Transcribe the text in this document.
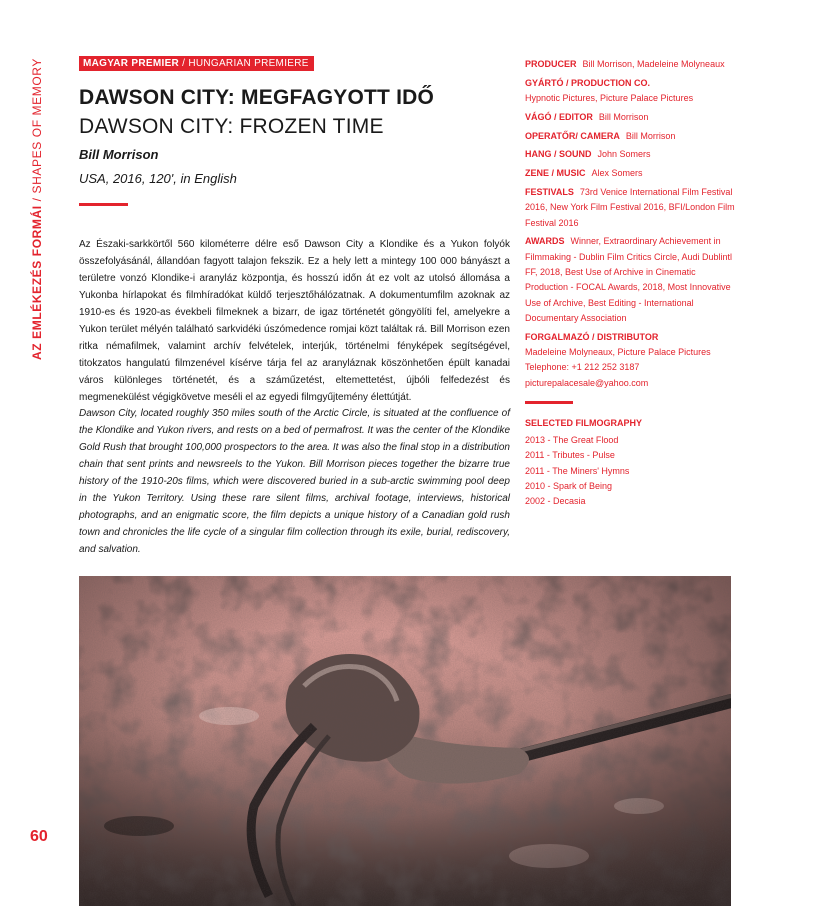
AZ EMLÉKEZÉS FORMÁI / SHAPES OF MEMORY
60
MAGYAR PREMIER / HUNGARIAN PREMIERE
DAWSON CITY: MEGFAGYOTT IDŐ
DAWSON CITY: FROZEN TIME
Bill Morrison
USA, 2016, 120', in English
Az Északi-sarkkörtől 560 kilométerre délre eső Dawson City a Klondike és a Yukon folyók összefolyásánál, állandóan fagyott talajon fekszik. Ez a hely lett a mintegy 100 000 bányászt a területre vonzó Klondike-i aranyláz központja, és hosszú időn át ez volt az utolsó állomása a Yukonba hírlapokat és filmhíradókat küldő terjesztőhálózatnak. A dokumentumfilm azoknak az 1910-es és 1920-as évekbeli filmeknek a bizarr, de igaz történetét göngyölíti fel, amelyekre a Yukon terület mélyén található sarkvidéki úszómedence romjai közt találtak rá. Bill Morrison ezen ritka némafilmek, valamint archív felvételek, interjúk, történelmi fényképek segítségével, titokzatos hangulatú filmzenével kísérve tárja fel az aranyláznak köszönhetően épült kanadai város különleges történetét, és a száműzetést, eltemettetést, újbóli felfedezést és megmenekülést végigkövetve meséli el az egyedi filmgyűjtemény élettútját.
Dawson City, located roughly 350 miles south of the Arctic Circle, is situated at the confluence of the Klondike and Yukon rivers, and rests on a bed of permafrost. It was the center of the Klondike Gold Rush that brought 100,000 prospectors to the area. It was also the final stop in a distribution chain that sent prints and newsreels to the Yukon. Bill Morrison pieces together the bizarre true history of the 1910-20s films, which were discovered buried in a sub-arctic swimming pool deep in the Yukon Territory. Using these rare silent films, archival footage, interviews, historical photographs, and an enigmatic score, the film depicts a unique history of a Canadian gold rush town and chronicles the life cycle of a singular film collection through its exile, burial, rediscovery, and salvation.
PRODUCER Bill Morrison, Madeleine Molyneaux
GYÁRTÓ / PRODUCTION CO.
Hypnotic Pictures, Picture Palace Pictures
VÁGÓ / EDITOR Bill Morrison
OPERATŐR/ CAMERA Bill Morrison
HANG / SOUND John Somers
ZENE / MUSIC Alex Somers
FESTIVALS 73rd Venice International Film Festival 2016, New York Film Festival 2016, BFI/London Film Festival 2016
AWARDS Winner, Extraordinary Achievement in Filmmaking - Dublin Film Critics Circle, Audi Dublintl FF, 2018, Best Use of Archive in Cinematic Production - FOCAL Awards, 2018, Most Innovative Use of Archive, Best Editing - International Documentary Association
FORGALMAZÓ / DISTRIBUTOR
Madeleine Molyneaux, Picture Palace Pictures
Telephone: +1 212 252 3187
picturepalacesale@yahoo.com
SELECTED FILMOGRAPHY
2013 - The Great Flood
2011 - Tributes - Pulse
2011 - The Miners' Hymns
2010 - Spark of Being
2002 - Decasia
